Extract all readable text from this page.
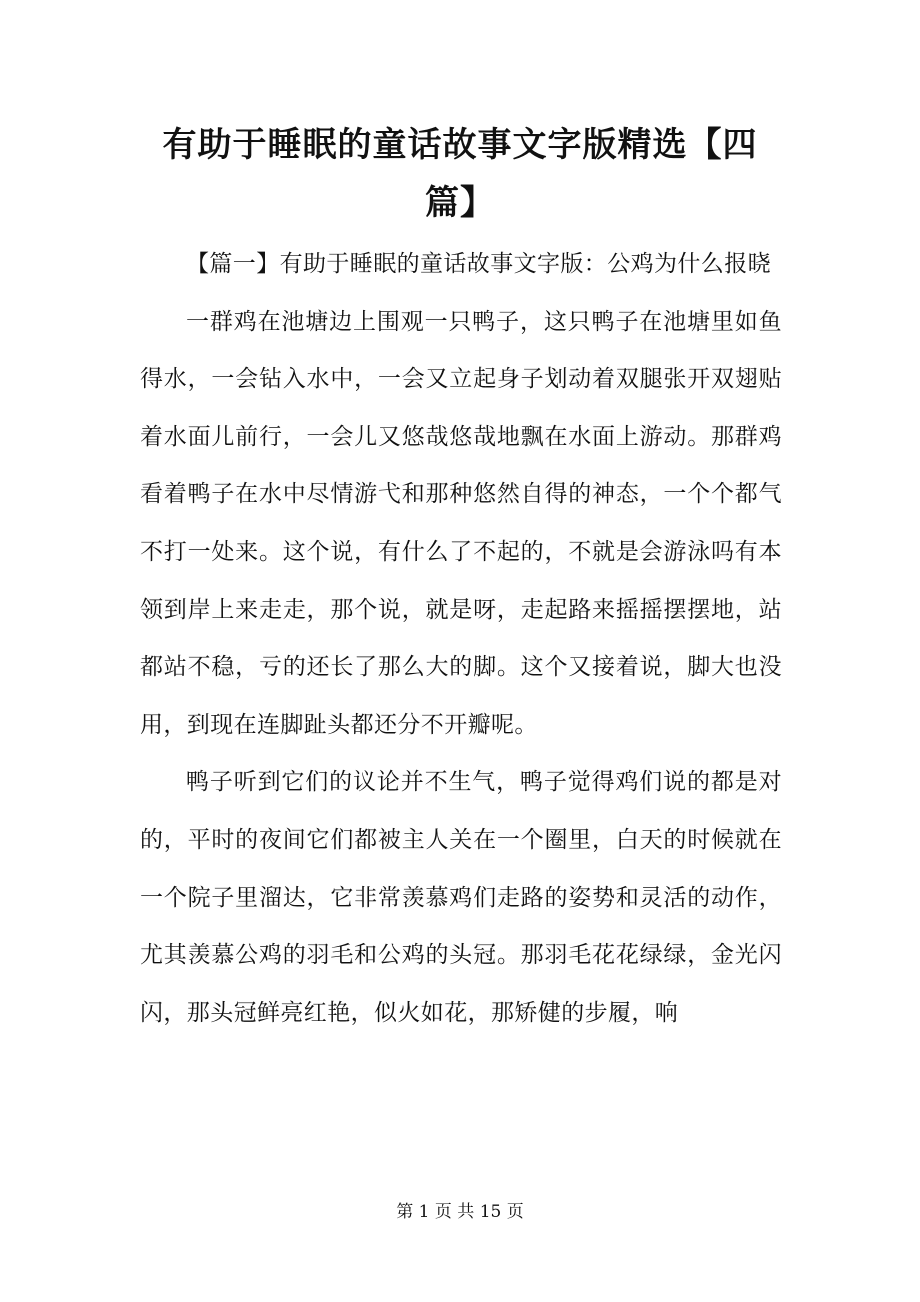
有助于睡眠的童话故事文字版精选【四篇】

【篇一】有助于睡眠的童话故事文字版：公鸡为什么报晓

一群鸡在池塘边上围观一只鸭子，这只鸭子在池塘里如鱼得水，一会钻入水中，一会又立起身子划动着双腿张开双翅贴着水面儿前行，一会儿又悠哉悠哉地飘在水面上游动。那群鸡看着鸭子在水中尽情游弋和那种悠然自得的神态，一个个都气不打一处来。这个说，有什么了不起的，不就是会游泳吗有本领到岸上来走走，那个说，就是呀，走起路来摇摇摆摆地，站都站不稳，亏的还长了那么大的脚。这个又接着说，脚大也没用，到现在连脚趾头都还分不开瓣呢。

鸭子听到它们的议论并不生气，鸭子觉得鸡们说的都是对的，平时的夜间它们都被主人关在一个圈里，白天的时候就在一个院子里溜达，它非常羡慕鸡们走路的姿势和灵活的动作，尤其羡慕公鸡的羽毛和公鸡的头冠。那羽毛花花绿绿，金光闪闪，那头冠鲜亮红艳，似火如花，那矫健的步履，响

第 1 页 共 15 页
